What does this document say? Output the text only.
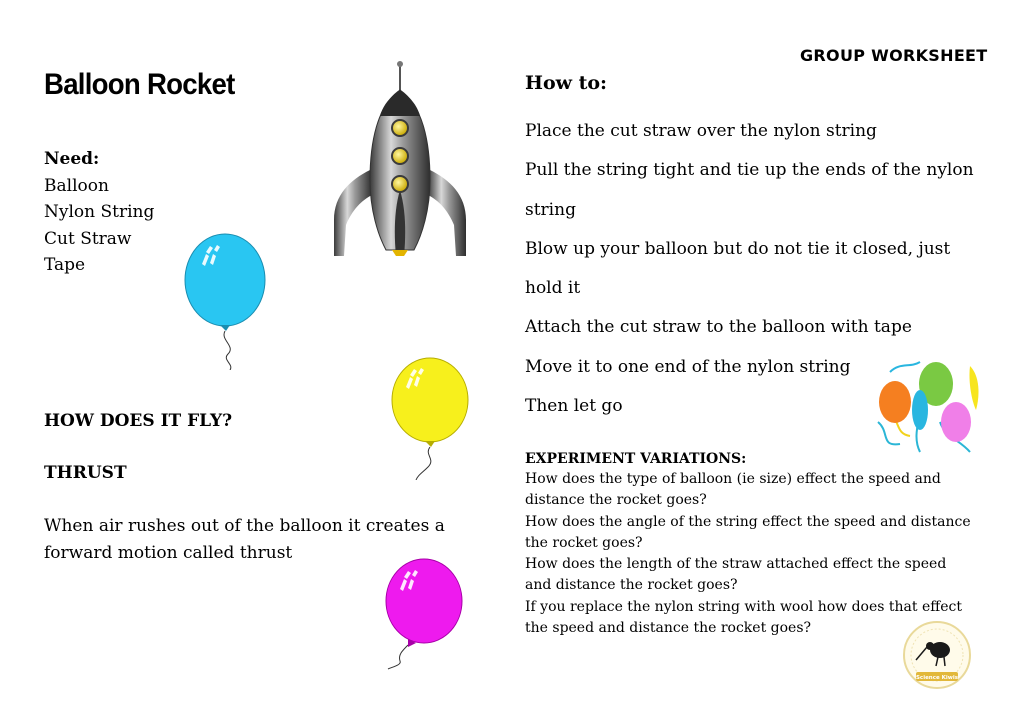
GROUP WORKSHEET
Balloon Rocket
Need:
Balloon
Nylon String
Cut Straw
Tape
HOW DOES IT FLY?
THRUST
When air rushes out of the balloon it creates a forward motion called thrust
How to:

Place the cut straw over the nylon string

Pull the string tight and tie up the ends of the nylon string

Blow up your balloon but do not tie it closed, just hold it

Attach the cut straw to the balloon with tape

Move it to one end of the nylon string

Then let go

EXPERIMENT VARIATIONS:
How does the type of balloon (ie size) effect the speed and distance the rocket goes?
How does the angle of the string effect the speed and distance the rocket goes?
How does the length of the straw attached effect the speed and distance the rocket goes?
If you replace the nylon string with wool how does that effect the speed and distance the rocket goes?
Science Kiwis
